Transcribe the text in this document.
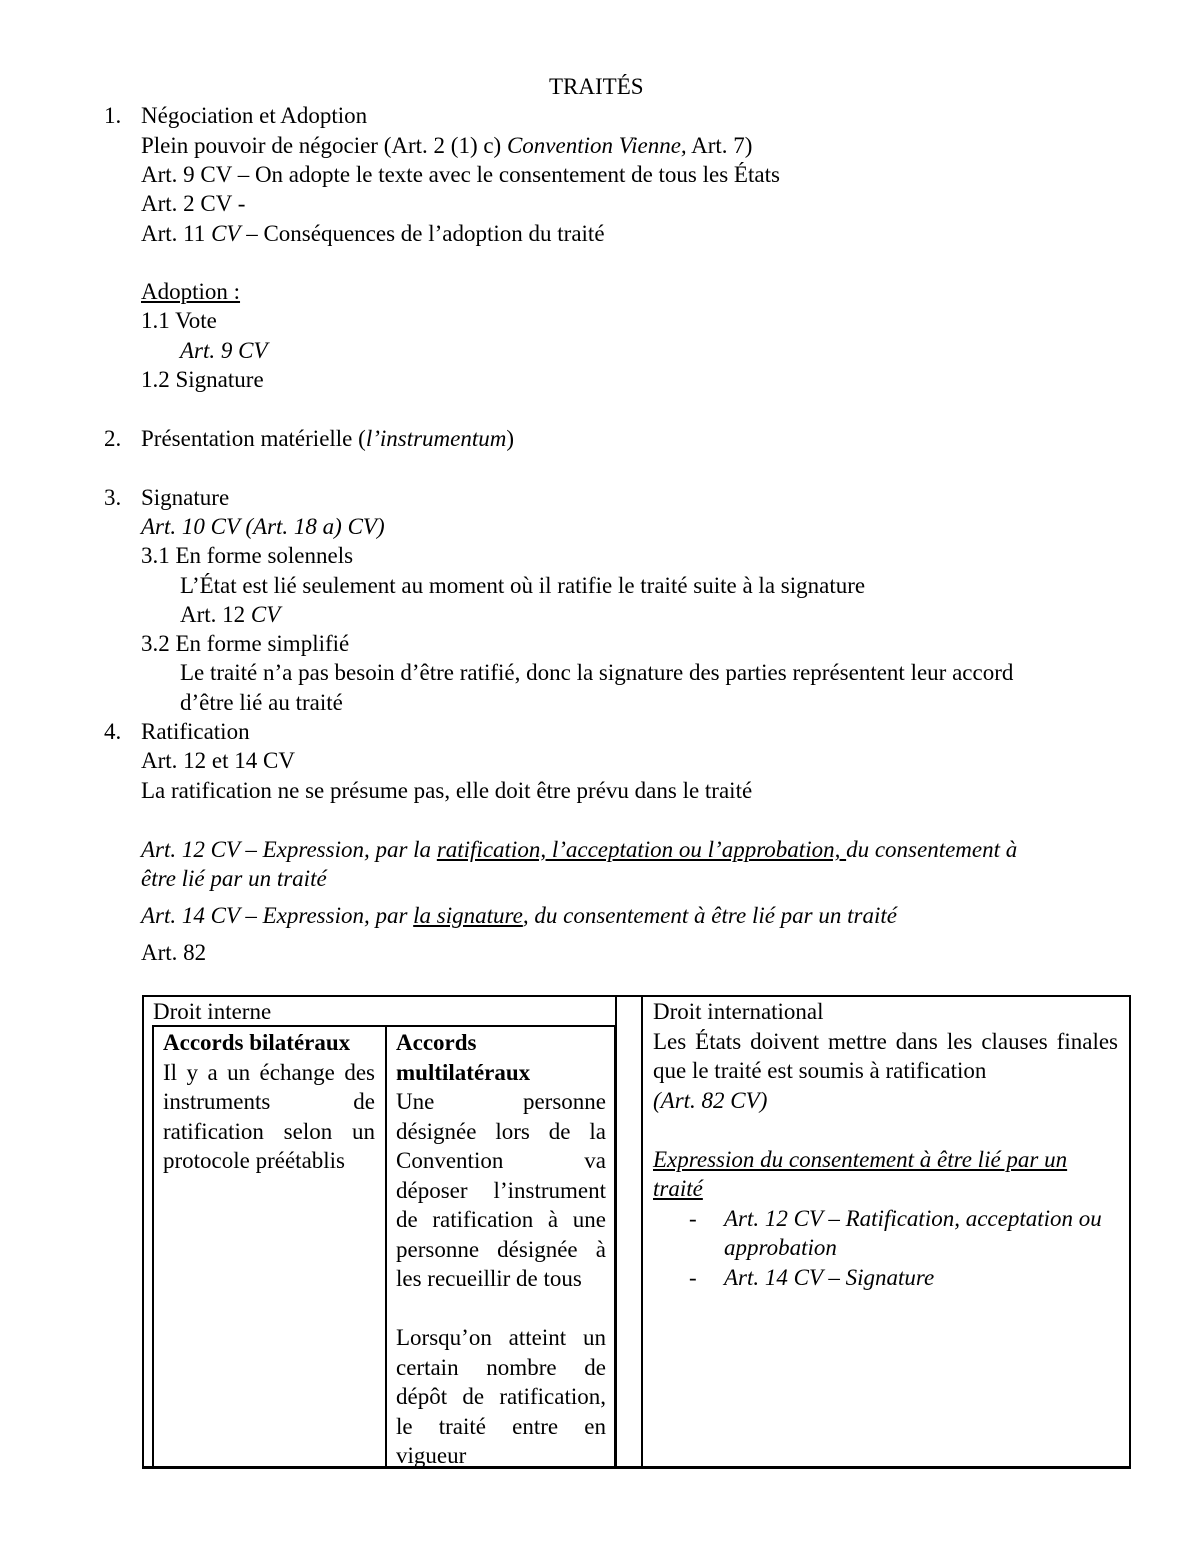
TRAITÉS
1. Négociation et Adoption
Plein pouvoir de négocier (Art. 2 (1) c) Convention Vienne, Art. 7)
Art. 9 CV – On adopte le texte avec le consentement de tous les États
Art. 2 CV -
Art. 11 CV – Conséquences de l’adoption du traité
Adoption :
1.1 Vote
Art. 9 CV
1.2 Signature
2. Présentation matérielle (l’instrumentum)
3. Signature
Art. 10 CV (Art. 18 a) CV)
3.1 En forme solennels
L’État est lié seulement au moment où il ratifie le traité suite à la signature
Art. 12 CV
3.2 En forme simplifié
Le traité n’a pas besoin d’être ratifié, donc la signature des parties représentent leur accord
d’être lié au traité
4. Ratification
Art. 12 et 14 CV
La ratification ne se présume pas, elle doit être prévu dans le traité
Art. 12 CV – Expression, par la ratification, l’acceptation ou l’approbation, du consentement à
être lié par un traité
Art. 14 CV – Expression, par la signature, du consentement à être lié par un traité
Art. 82
Droit interne

Accords bilatéraux

Il y a un échange des instruments de ratification selon un protocole préétablis

Accords multilatéraux

Une personne désignée lors de la Convention va déposer l’instrument de ratification à une personne désignée à les recueillir de tous

Lorsqu’on atteint un certain nombre de dépôt de ratification, le traité entre en vigueur

Droit international

Les États doivent mettre dans les clauses finales que le traité est soumis à ratification

(Art. 82 CV)

Expression du consentement à être lié par un traité

- Art. 12 CV – Ratification, acceptation ou approbation
- Art. 14 CV – Signature
